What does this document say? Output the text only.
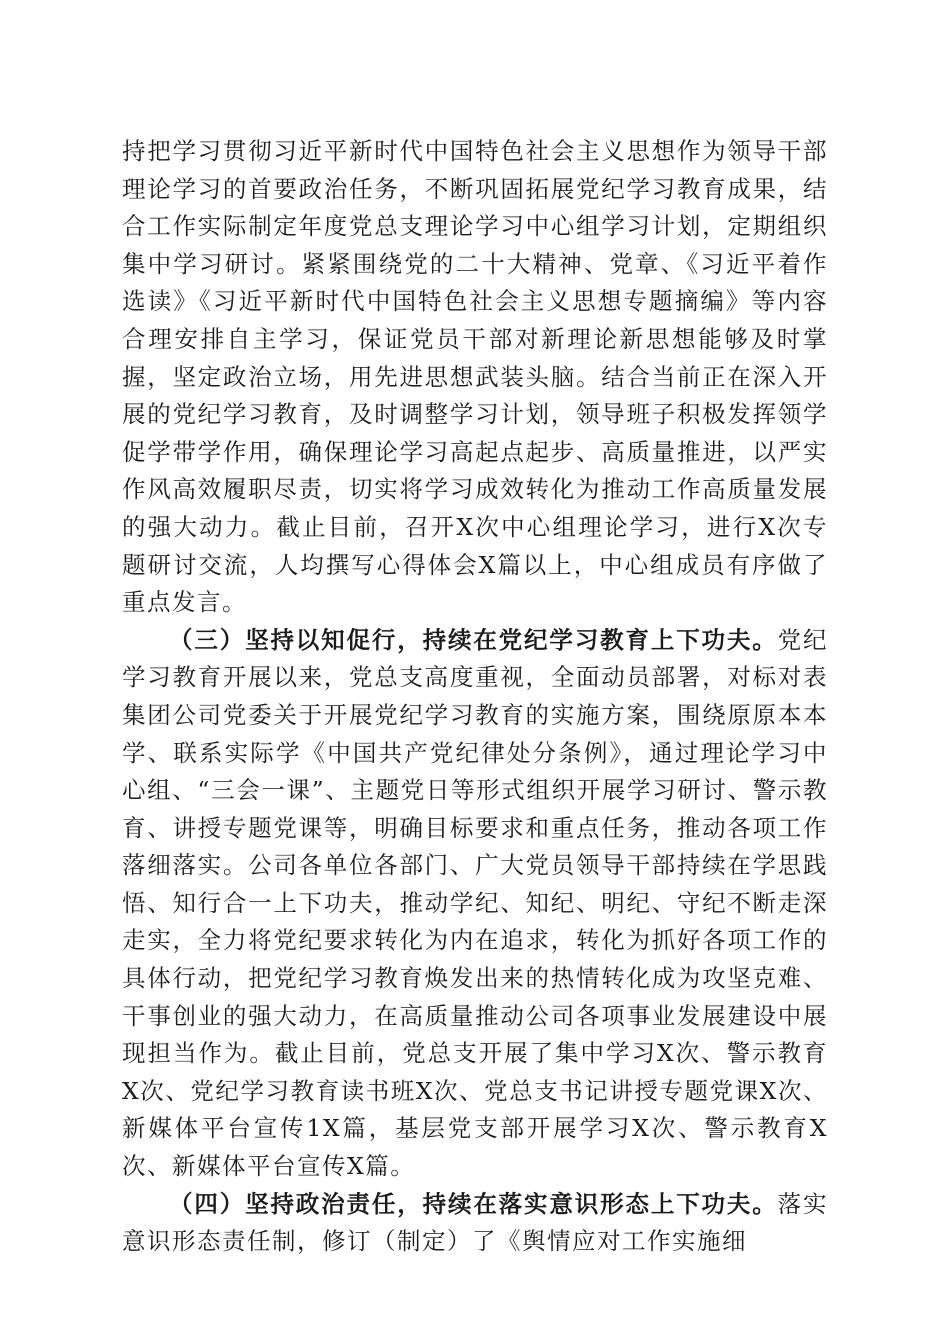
持把学习贯彻习近平新时代中国特色社会主义思想作为领导干部理论学习的首要政治任务，不断巩固拓展党纪学习教育成果，结合工作实际制定年度党总支理论学习中心组学习计划，定期组织集中学习研讨。紧紧围绕党的二十大精神、党章、《习近平着作选读》《习近平新时代中国特色社会主义思想专题摘编》等内容合理安排自主学习，保证党员干部对新理论新思想能够及时掌握，坚定政治立场，用先进思想武装头脑。结合当前正在深入开展的党纪学习教育，及时调整学习计划，领导班子积极发挥领学促学带学作用，确保理论学习高起点起步、高质量推进，以严实作风高效履职尽责，切实将学习成效转化为推动工作高质量发展的强大动力。截止目前，召开X次中心组理论学习，进行X次专题研讨交流，人均撰写心得体会X篇以上，中心组成员有序做了重点发言。

（三）坚持以知促行，持续在党纪学习教育上下功夫。党纪学习教育开展以来，党总支高度重视，全面动员部署，对标对表集团公司党委关于开展党纪学习教育的实施方案，围绕原原本本学、联系实际学《中国共产党纪律处分条例》，通过理论学习中心组、“三会一课”、主题党日等形式组织开展学习研讨、警示教育、讲授专题党课等，明确目标要求和重点任务，推动各项工作落细落实。公司各单位各部门、广大党员领导干部持续在学思践悟、知行合一上下功夫，推动学纪、知纪、明纪、守纪不断走深走实，全力将党纪要求转化为内在追求，转化为抓好各项工作的具体行动，把党纪学习教育焕发出来的热情转化成为攻坚克难、干事创业的强大动力，在高质量推动公司各项事业发展建设中展现担当作为。截止目前，党总支开展了集中学习X次、警示教育X次、党纪学习教育读书班X次、党总支书记讲授专题党课X次、新媒体平台宣传1X篇，基层党支部开展学习X次、警示教育X次、新媒体平台宣传X篇。

（四）坚持政治责任，持续在落实意识形态上下功夫。落实意识形态责任制，修订（制定）了《舆情应对工作实施细
